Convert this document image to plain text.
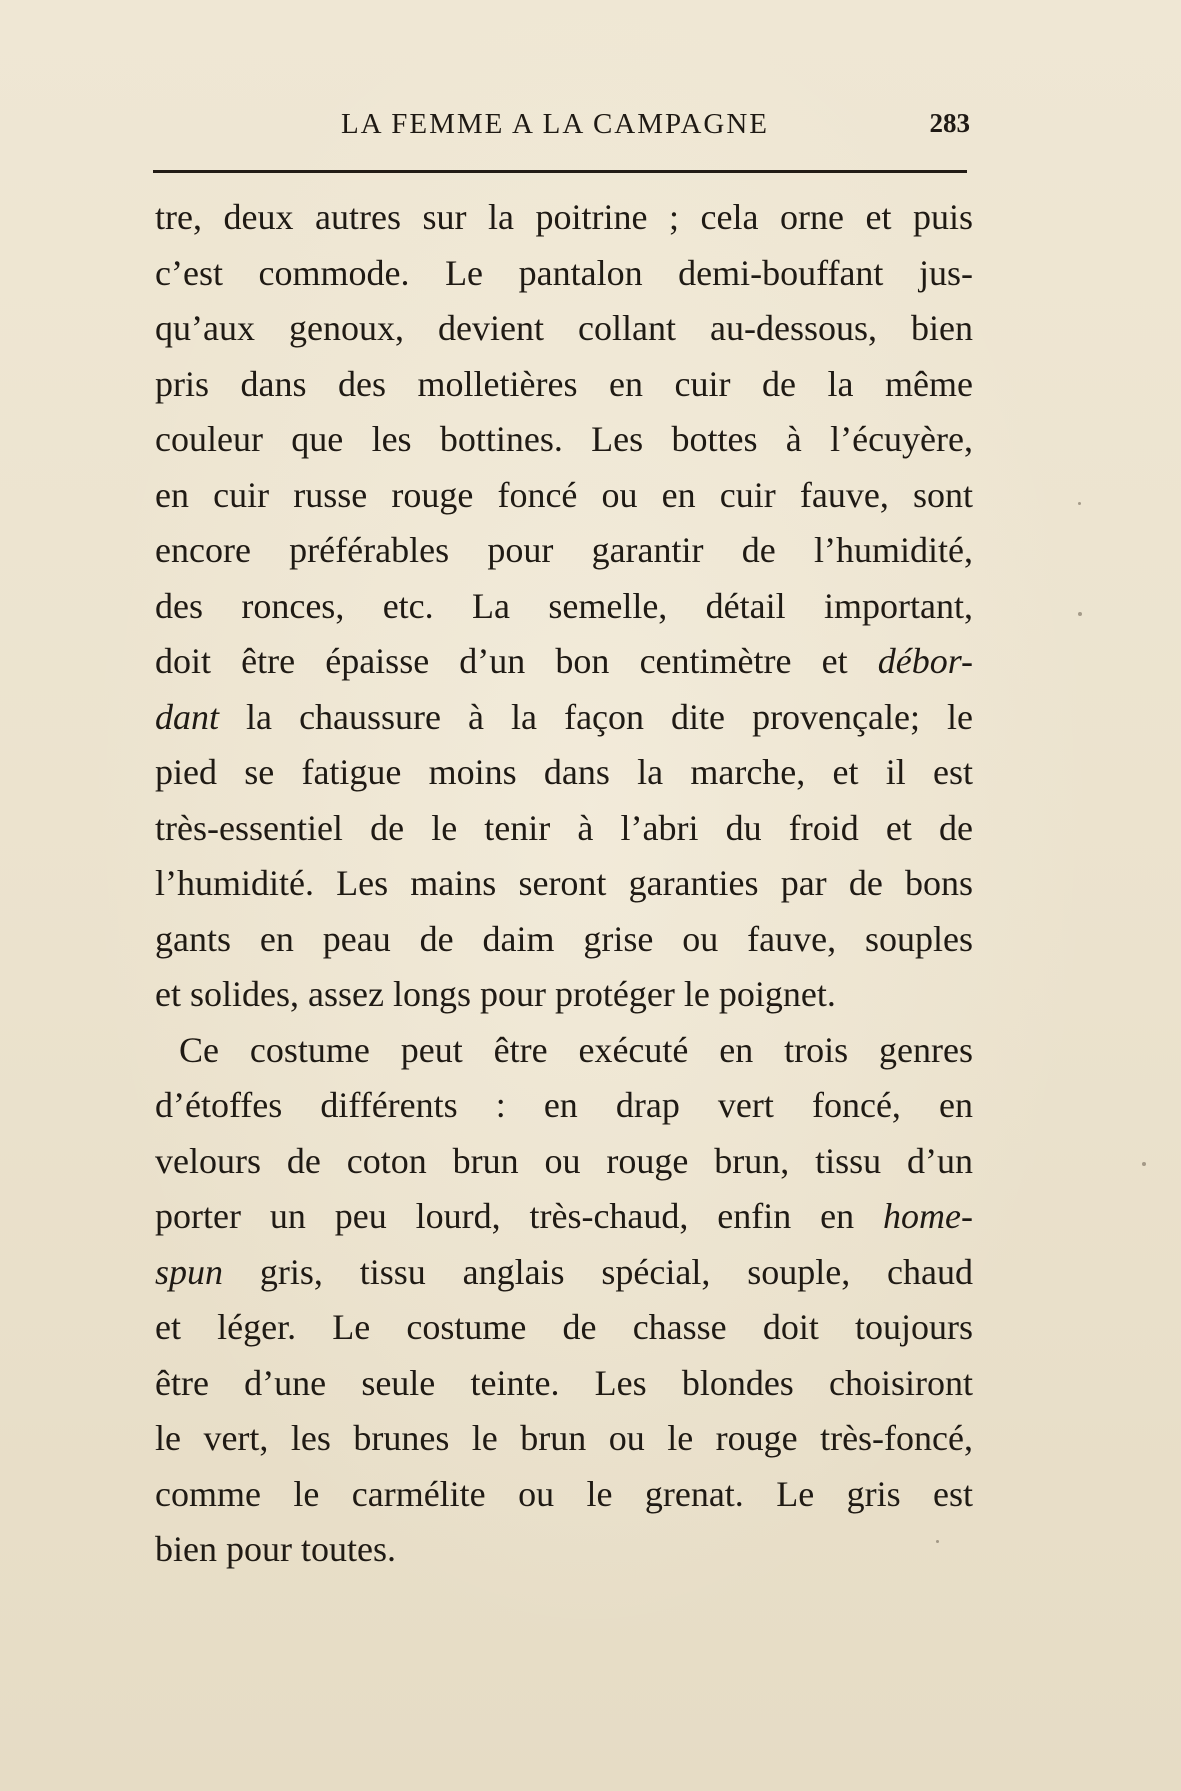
LA FEMME A LA CAMPAGNE	283
tre, deux autres sur la poitrine ; cela orne et puis
c’est commode. Le pantalon demi-bouffant jus-
qu’aux genoux, devient collant au-dessous, bien
pris dans des molletières en cuir de la même
couleur que les bottines. Les bottes à l’écuyère,
en cuir russe rouge foncé ou en cuir fauve, sont
encore préférables pour garantir de l’humidité,
des ronces, etc. La semelle, détail important,
doit être épaisse d’un bon centimètre et débor-
dant la chaussure à la façon dite provençale; le
pied se fatigue moins dans la marche, et il est
très-essentiel de le tenir à l’abri du froid et de
l’humidité. Les mains seront garanties par de bons
gants en peau de daim grise ou fauve, souples
et solides, assez longs pour protéger le poignet.
Ce costume peut être exécuté en trois genres
d’étoffes différents : en drap vert foncé, en
velours de coton brun ou rouge brun, tissu d’un
porter un peu lourd, très-chaud, enfin en home-
spun gris, tissu anglais spécial, souple, chaud
et léger. Le costume de chasse doit toujours
être d’une seule teinte. Les blondes choisiront
le vert, les brunes le brun ou le rouge très-foncé,
comme le carmélite ou le grenat. Le gris est
bien pour toutes.
